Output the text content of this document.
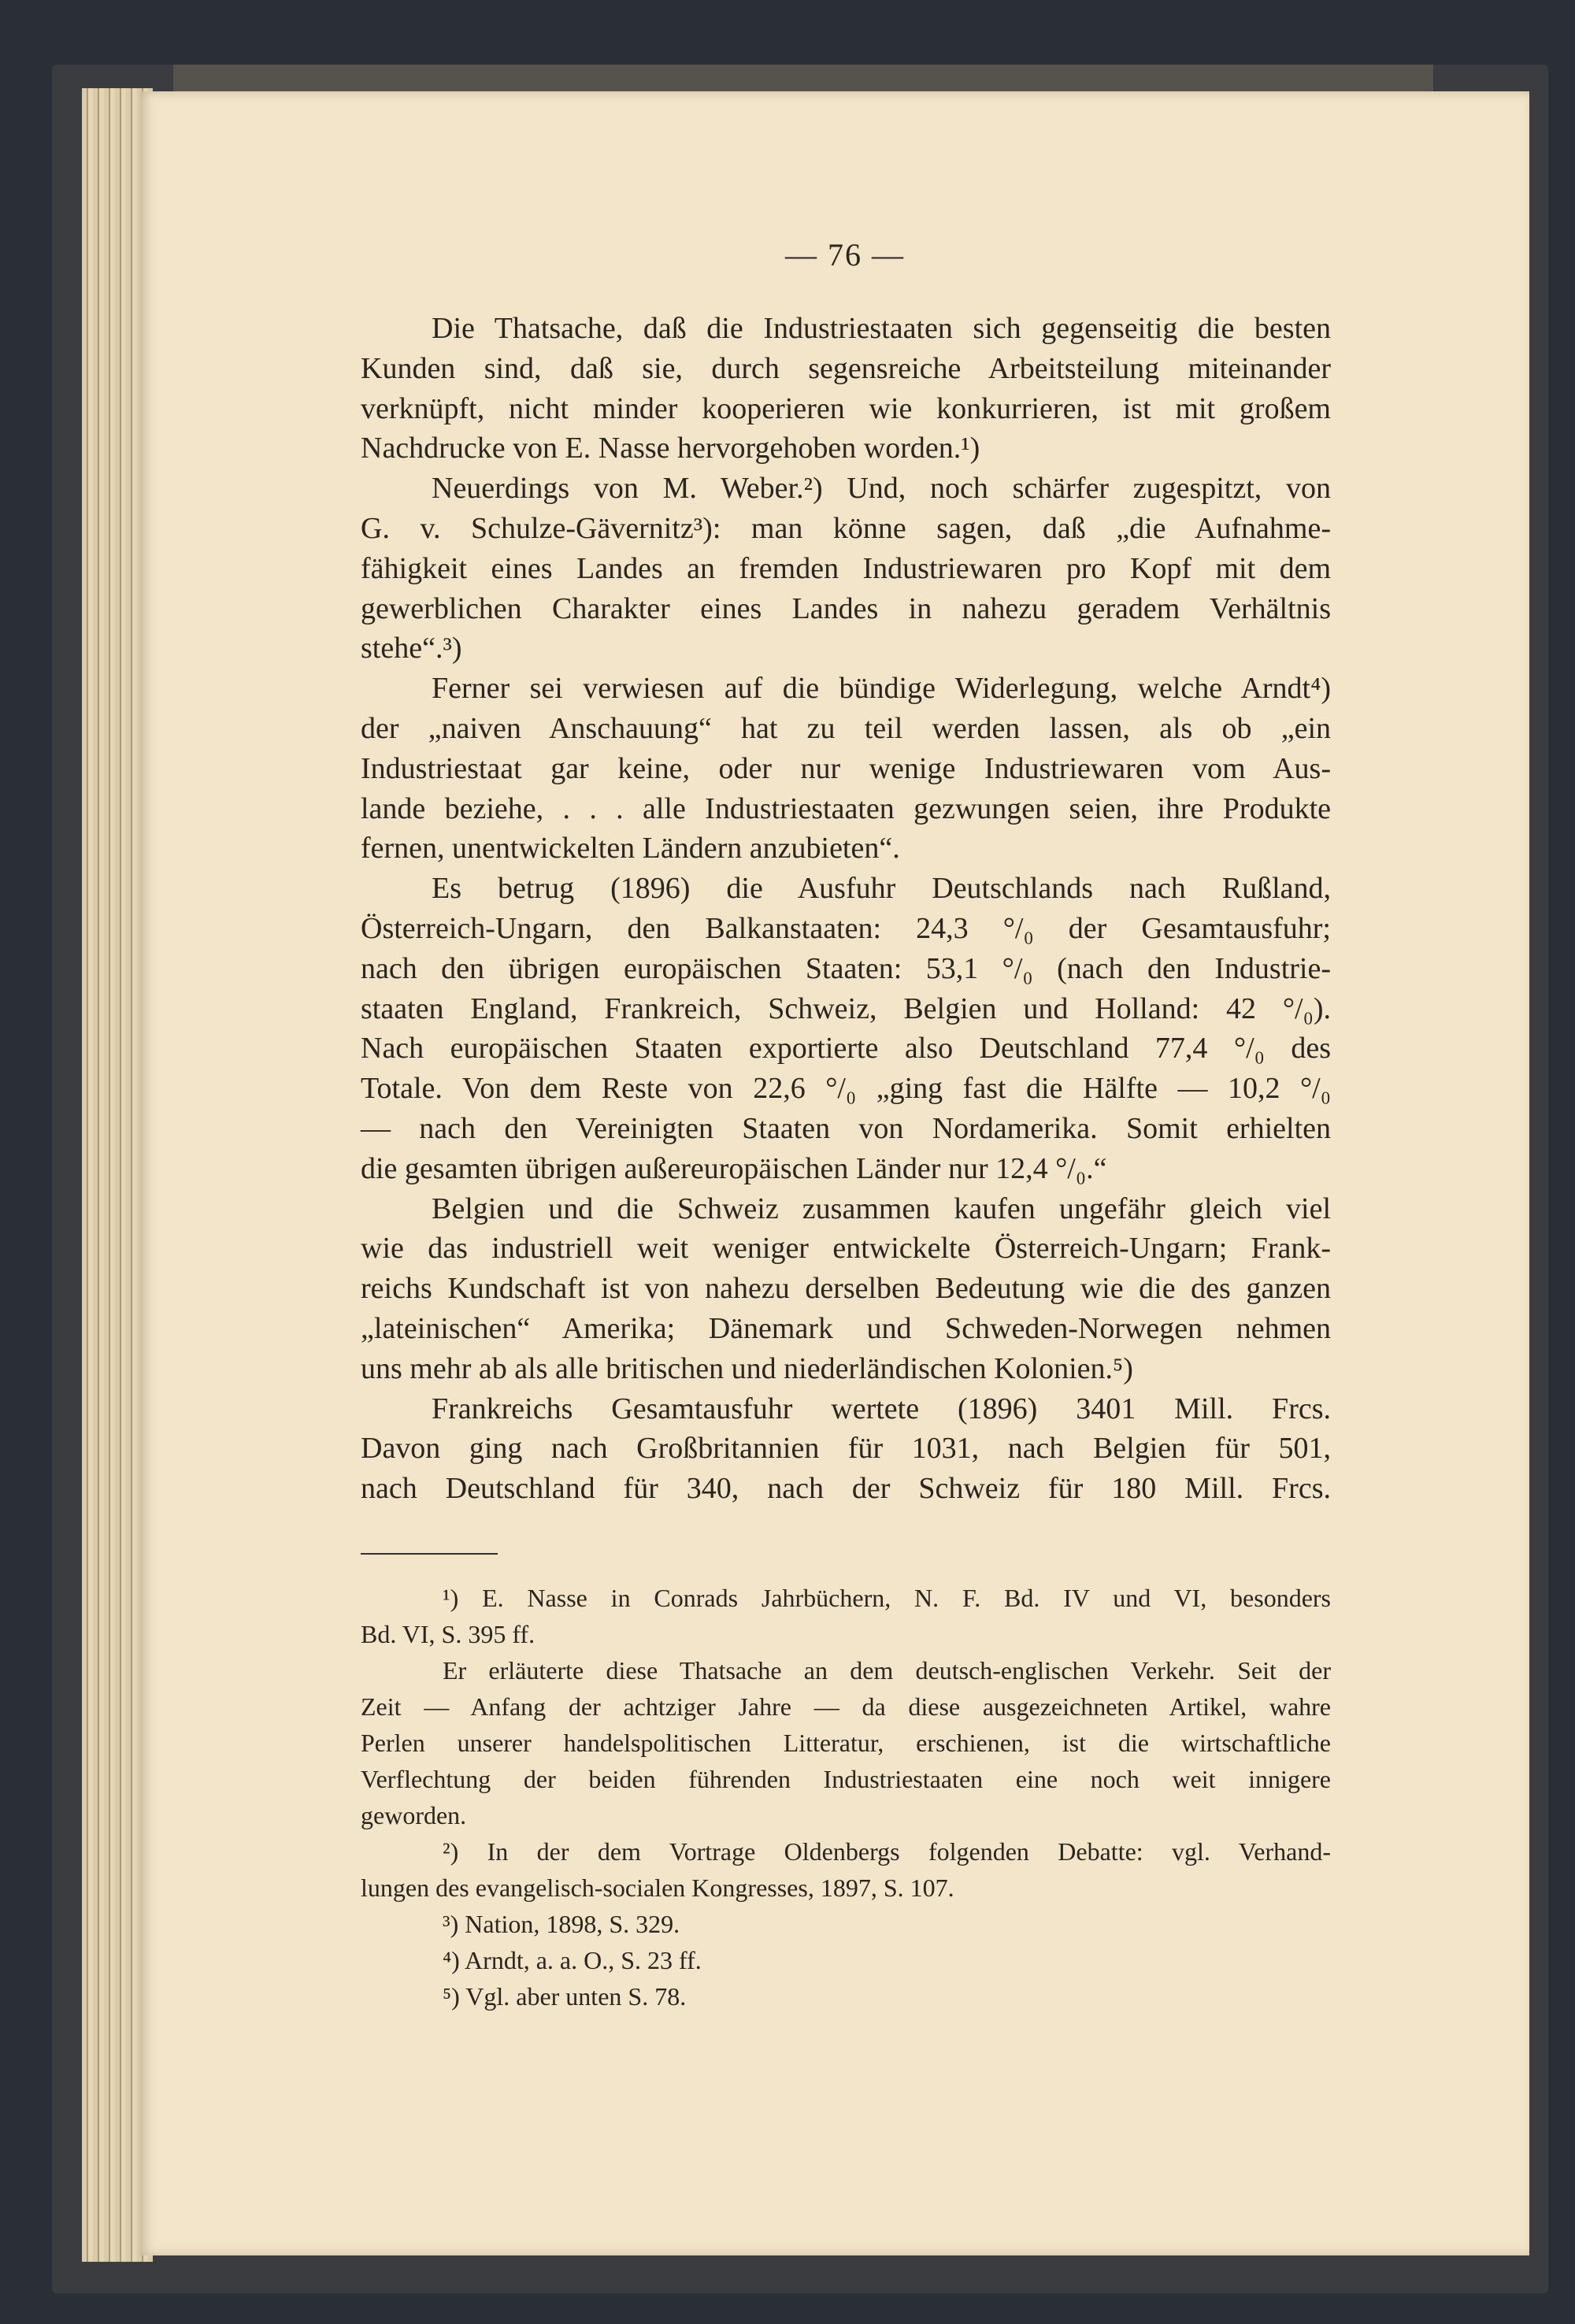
— 76 —
Die Thatsache, daß die Industriestaaten sich gegenseitig die besten
Kunden sind, daß sie, durch segensreiche Arbeitsteilung miteinander
verknüpft, nicht minder kooperieren wie konkurrieren, ist mit großem
Nachdrucke von E. Nasse hervorgehoben worden.¹)
Neuerdings von M. Weber.²) Und, noch schärfer zugespitzt, von
G. v. Schulze-Gävernitz³): man könne sagen, daß „die Aufnahme-
fähigkeit eines Landes an fremden Industriewaren pro Kopf mit dem
gewerblichen Charakter eines Landes in nahezu geradem Verhältnis
stehe“.³)
Ferner sei verwiesen auf die bündige Widerlegung, welche Arndt⁴)
der „naiven Anschauung“ hat zu teil werden lassen, als ob „ein
Industriestaat gar keine, oder nur wenige Industriewaren vom Aus-
lande beziehe, . . . alle Industriestaaten gezwungen seien, ihre Produkte
fernen, unentwickelten Ländern anzubieten“.
Es betrug (1896) die Ausfuhr Deutschlands nach Rußland,
Österreich-Ungarn, den Balkanstaaten: 24,3 °/₀ der Gesamtausfuhr;
nach den übrigen europäischen Staaten: 53,1 °/₀ (nach den Industrie-
staaten England, Frankreich, Schweiz, Belgien und Holland: 42 °/₀).
Nach europäischen Staaten exportierte also Deutschland 77,4 °/₀ des
Totale. Von dem Reste von 22,6 °/₀ „ging fast die Hälfte — 10,2 °/₀
— nach den Vereinigten Staaten von Nordamerika. Somit erhielten
die gesamten übrigen außereuropäischen Länder nur 12,4 °/₀.“
Belgien und die Schweiz zusammen kaufen ungefähr gleich viel
wie das industriell weit weniger entwickelte Österreich-Ungarn; Frank-
reichs Kundschaft ist von nahezu derselben Bedeutung wie die des ganzen
„lateinischen“ Amerika; Dänemark und Schweden-Norwegen nehmen
uns mehr ab als alle britischen und niederländischen Kolonien.⁵)
Frankreichs Gesamtausfuhr wertete (1896) 3401 Mill. Frcs.
Davon ging nach Großbritannien für 1031, nach Belgien für 501,
nach Deutschland für 340, nach der Schweiz für 180 Mill. Frcs.
¹) E. Nasse in Conrads Jahrbüchern, N. F. Bd. IV und VI, besonders
Bd. VI, S. 395 ff.
Er erläuterte diese Thatsache an dem deutsch-englischen Verkehr. Seit der
Zeit — Anfang der achtziger Jahre — da diese ausgezeichneten Artikel, wahre
Perlen unserer handelspolitischen Litteratur, erschienen, ist die wirtschaftliche
Verflechtung der beiden führenden Industriestaaten eine noch weit innigere
geworden.
²) In der dem Vortrage Oldenbergs folgenden Debatte: vgl. Verhand-
lungen des evangelisch-socialen Kongresses, 1897, S. 107.
³) Nation, 1898, S. 329.
⁴) Arndt, a. a. O., S. 23 ff.
⁵) Vgl. aber unten S. 78.
